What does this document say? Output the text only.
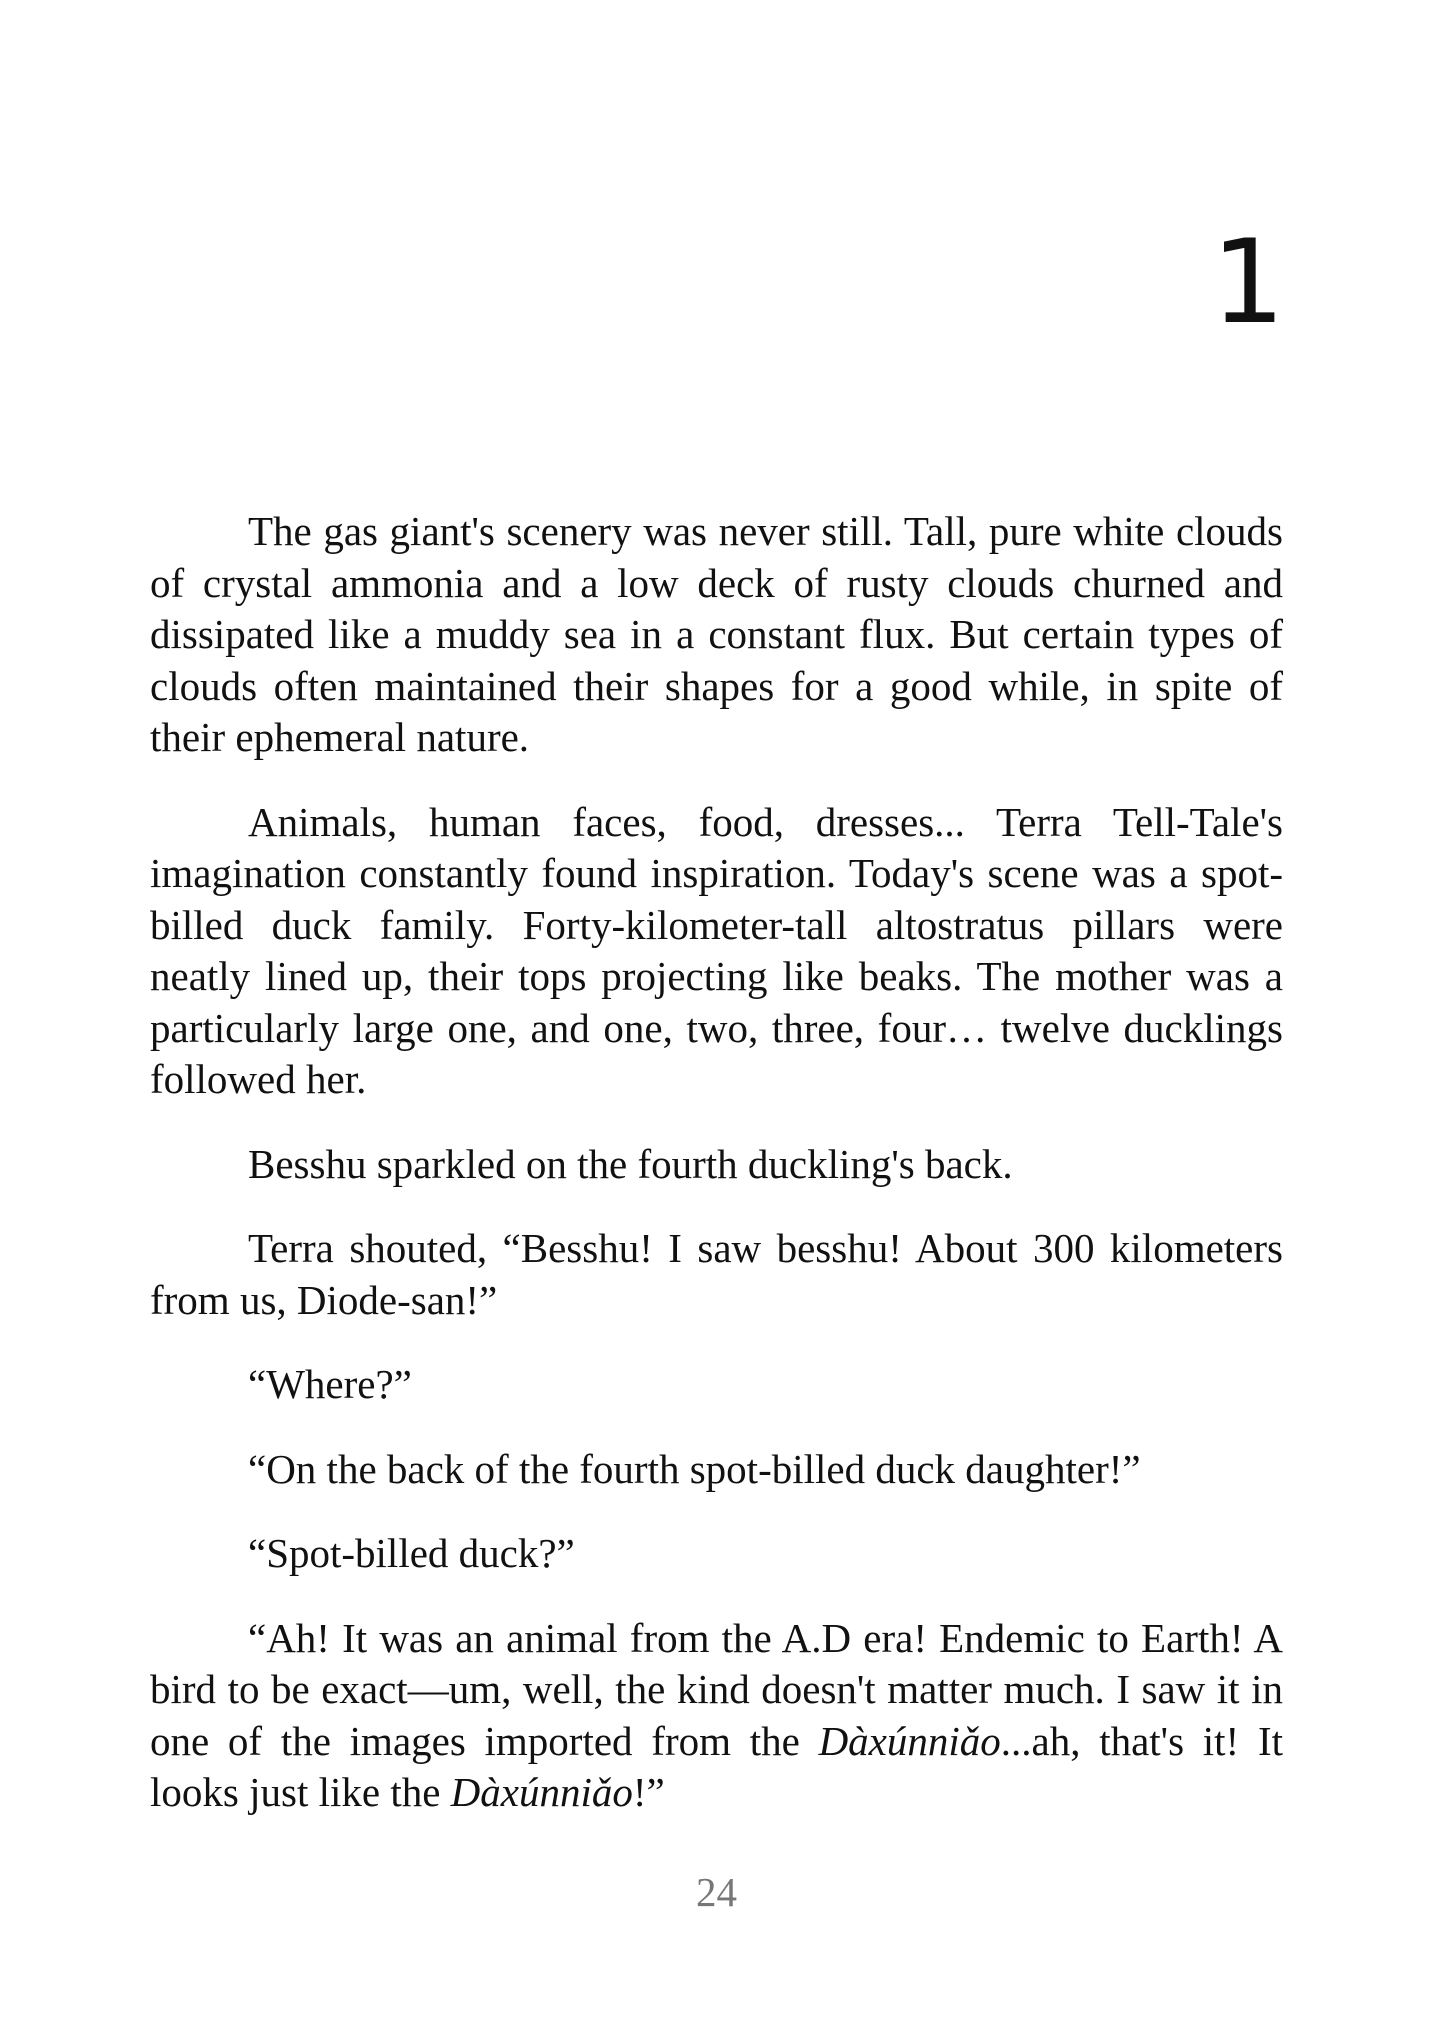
1

The gas giant's scenery was never still. Tall, pure white clouds of crystal ammonia and a low deck of rusty clouds churned and dissipated like a muddy sea in a constant flux. But certain types of clouds often maintained their shapes for a good while, in spite of their ephemeral nature.

Animals, human faces, food, dresses... Terra Tell-Tale's imagination constantly found inspiration. Today's scene was a spot-billed duck family. Forty-kilometer-tall altostratus pillars were neatly lined up, their tops projecting like beaks. The mother was a particularly large one, and one, two, three, four… twelve ducklings followed her.

Besshu sparkled on the fourth duckling's back.

Terra shouted, “Besshu! I saw besshu! About 300 kilometers from us, Diode-san!”

“Where?”

“On the back of the fourth spot-billed duck daughter!”

“Spot-billed duck?”

“Ah! It was an animal from the A.D era! Endemic to Earth! A bird to be exact—um, well, the kind doesn't matter much. I saw it in one of the images imported from the Dàxúnniǎo...ah, that's it! It looks just like the Dàxúnniǎo!”

24
